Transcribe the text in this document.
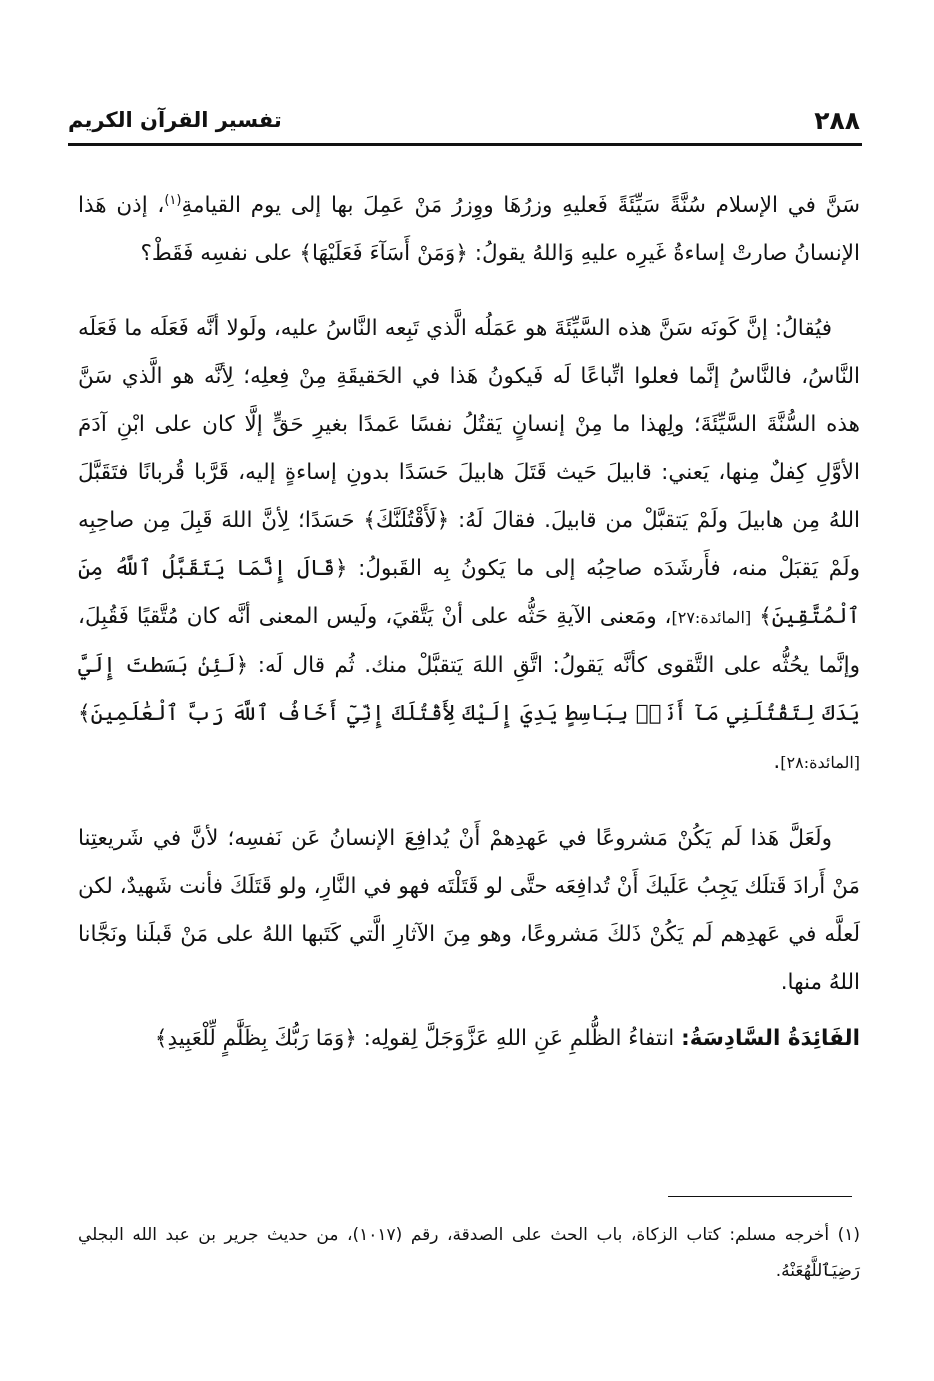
٢٨٨
تفسير القرآن الكريم

سَنَّ في الإسلام سُنَّةً سَيِّئَةً فَعليهِ وزرُهَا ووِزرُ مَنْ عَمِلَ بها إلى يوم القيامةِ$^{(١)}$، إذن هَذا الإنسانُ صارتْ إساءةُ غَيرِه عليهِ وَاللهُ يقولُ: ﴿وَمَنْ أَسَآءَ فَعَلَيْهَا﴾ على نفسِه فَقَطْ؟

فيُقالُ: إنَّ كَونَه سَنَّ هذه السَّيِّئَةَ هو عَمَلُه الَّذي تَبِعه النَّاسُ عليه، ولَولا أنَّه فَعَلَه ما فَعَلَه النَّاسُ، فالنَّاسُ إنَّما فعلوا اتِّباعًا لَه فَيكونُ هَذا في الحَقيقَةِ مِنْ فِعلِه؛ لِأنَّه هو الَّذي سَنَّ هذه السُّنَّةَ السَّيِّئَةَ؛ ولِهذا ما مِنْ إنسانٍ يَقتُلُ نفسًا عَمدًا بغيرِ حَقٍّ إلَّا كان على ابْنِ آدَمَ الأوَّلِ كِفلٌ مِنها، يَعني: قابيلَ حَيث قَتَلَ هابيلَ حَسَدًا بدونِ إساءةٍ إليه، قَرَّبا قُربانًا فتَقَبَّلَ اللهُ مِن هابيلَ ولَمْ يَتقبَّلْ من قابيلَ. فقالَ لَهُ: ﴿لَأَقْتُلَنَّكَ﴾ حَسَدًا؛ لِأنَّ اللهَ قَبِلَ مِن صاحِبِه ولَمْ يَقبَلْ منه، فأَرشَدَه صاحِبُه إلى ما يَكونُ بِه القَبولُ: ﴿قَالَ إِنَّمَا يَتَقَبَّلُ ٱللَّهُ مِنَ ٱلْمُتَّقِينَ﴾ [المائدة:٢٧]، ومَعنى الآيةِ حَثُّه على أنْ يَتَّقيَ، ولَيس المعنى أنَّه كان مُتَّقيًا فَقُبِلَ، وإنَّما يحُثُّه على التَّقوى كأنَّه يَقولُ: اتَّقِ اللهَ يَتقبَّلْ منك. ثُم قال لَه: ﴿لَئِنۢ بَسَطتَ إِلَيَّ يَدَكَ لِتَقْتُلَنِي مَآ أَنَا۠ بِبَاسِطٍ يَدِيَ إِلَيْكَ لِأَقْتُلَكَ إِنِّيٓ أَخَافُ ٱللَّهَ رَبَّ ٱلْعَٰلَمِينَ﴾ [المائدة:٢٨].

ولَعَلَّ هَذا لَم يَكُنْ مَشروعًا في عَهدِهمْ أَنْ يُدافِعَ الإنسانُ عَن نَفسِه؛ لأنَّ في شَريعتِنا مَنْ أَرادَ قَتلَك يَجِبُ عَلَيكَ أَنْ تُدافِعَه حتَّى لو قَتَلْتَه فهو في النَّارِ، ولو قَتَلَكَ فأنت شَهيدٌ، لكن لَعلَّه في عَهدِهم لَم يَكُنْ ذَلكَ مَشروعًا، وهو مِنَ الآثارِ الَّتي كَتَبها اللهُ على مَنْ قَبلَنا ونَجَّانا اللهُ منها.

الفَائِدَةُ السَّادِسَةُ: انتفاءُ الظُّلمِ عَنِ اللهِ عَزَّوَجَلَّ لِقولِه: ﴿وَمَا رَبُّكَ بِظَلَّٰمٍ لِّلْعَبِيدِ﴾

(١) أخرجه مسلم: كتاب الزكاة، باب الحث على الصدقة، رقم (١٠١٧)، من حديث جرير بن عبد الله البجلي رَضِيَٱللَّهُعَنْهُ.
